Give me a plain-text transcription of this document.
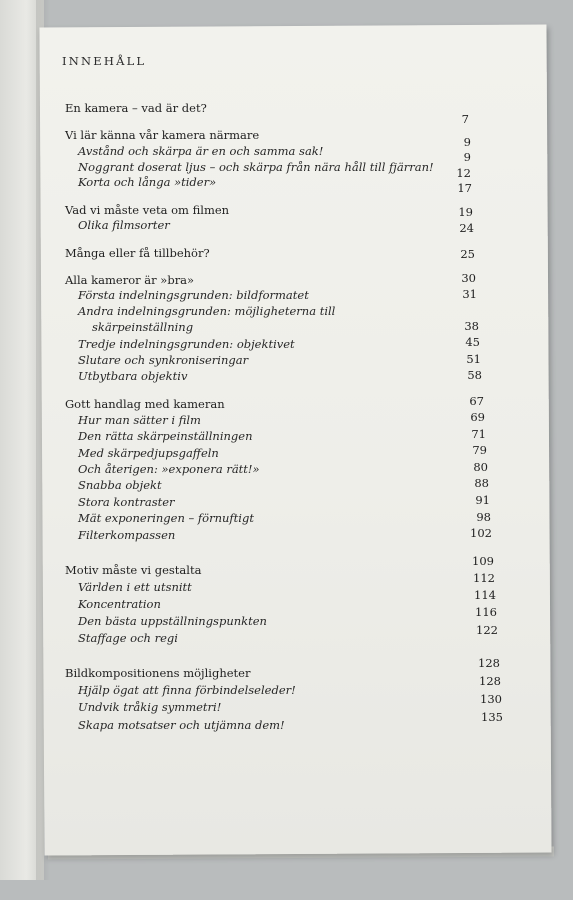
INNEHÅLL
En kamera – vad är det?
Vi lär känna vår kamera närmare
Avstånd och skärpa är en och samma sak!
Noggrant doserat ljus – och skärpa från nära håll till fjärran!
Korta och långa »tider»
Vad vi måste veta om filmen
Olika filmsorter
Många eller få tillbehör?
Alla kameror är »bra»
Första indelningsgrunden: bildformatet
Andra indelningsgrunden: möjligheterna till
skärpeinställning
Tredje indelningsgrunden: objektivet
Slutare och synkroniseringar
Utbytbara objektiv
Gott handlag med kameran
Hur man sätter i film
Den rätta skärpeinställningen
Med skärpedjupsgaffeln
Och återigen: »exponera rätt!»
Snabba objekt
Stora kontraster
Mät exponeringen – förnuftigt
Filterkompassen
Motiv måste vi gestalta
Världen i ett utsnitt
Koncentration
Den bästa uppställningspunkten
Staffage och regi
Bildkompositionens möjligheter
Hjälp ögat att finna förbindelseleder!
Undvik tråkig symmetri!
Skapa motsatser och utjämna dem!
7
9
9
12
17
19
24
25
30
31
38
45
51
58
67
69
71
79
80
88
91
98
102
109
112
114
116
122
128
128
130
135
